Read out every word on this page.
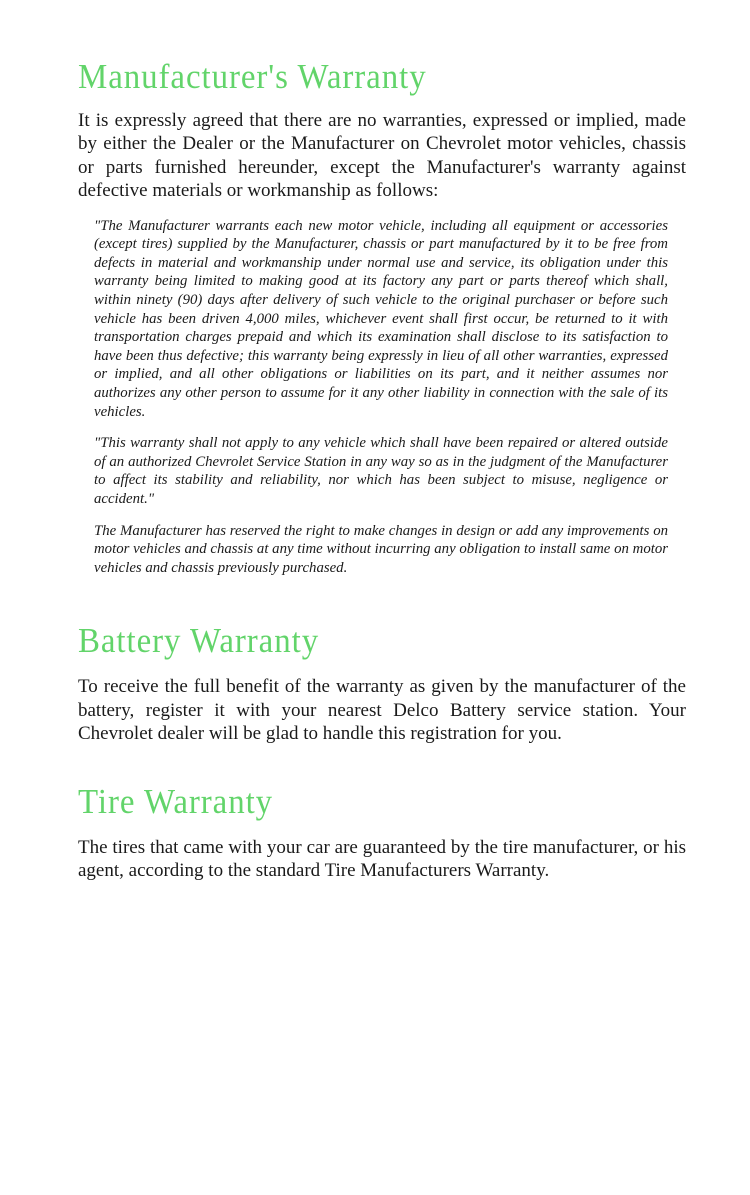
Manufacturer's Warranty

It is expressly agreed that there are no warranties, expressed or implied, made by either the Dealer or the Manufacturer on Chevrolet motor vehicles, chassis or parts furnished hereunder, except the Manufacturer's warranty against defective materials or workmanship as follows:

"The Manufacturer warrants each new motor vehicle, including all equipment or accessories (except tires) supplied by the Manufacturer, chassis or part manufactured by it to be free from defects in material and workmanship under normal use and service, its obligation under this warranty being limited to making good at its factory any part or parts thereof which shall, within ninety (90) days after delivery of such vehicle to the original purchaser or before such vehicle has been driven 4,000 miles, whichever event shall first occur, be returned to it with transportation charges prepaid and which its examination shall disclose to its satisfaction to have been thus defective; this warranty being expressly in lieu of all other warranties, expressed or implied, and all other obligations or liabilities on its part, and it neither assumes nor authorizes any other person to assume for it any other liability in connection with the sale of its vehicles.

"This warranty shall not apply to any vehicle which shall have been repaired or altered outside of an authorized Chevrolet Service Station in any way so as in the judgment of the Manufacturer to affect its stability and reliability, nor which has been subject to misuse, negligence or accident."

The Manufacturer has reserved the right to make changes in design or add any improvements on motor vehicles and chassis at any time without incurring any obligation to install same on motor vehicles and chassis previously purchased.

Battery Warranty

To receive the full benefit of the warranty as given by the manufacturer of the battery, register it with your nearest Delco Battery service station. Your Chevrolet dealer will be glad to handle this registration for you.

Tire Warranty

The tires that came with your car are guaranteed by the tire manufacturer, or his agent, according to the standard Tire Manufacturers Warranty.
